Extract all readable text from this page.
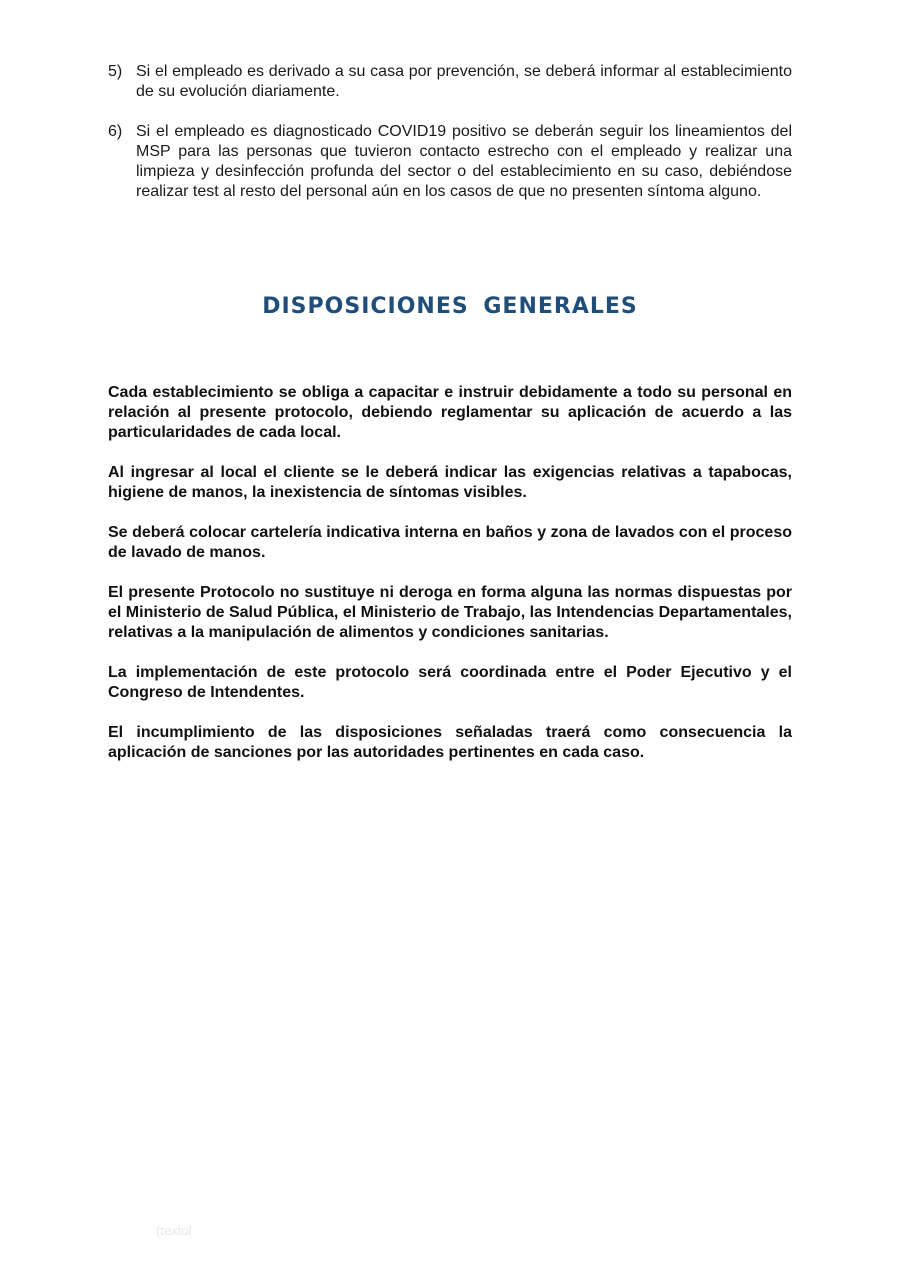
5) Si el empleado es derivado a su casa por prevención, se deberá informar al establecimiento de su evolución diariamente.
6) Si el empleado es diagnosticado COVID19 positivo se deberán seguir los lineamientos del MSP para las personas que tuvieron contacto estrecho con el empleado y realizar una limpieza y desinfección profunda del sector o del establecimiento en su caso, debiéndose realizar test al resto del personal aún en los casos de que no presenten síntoma alguno.
DISPOSICIONES GENERALES

Cada establecimiento se obliga a capacitar e instruir debidamente a todo su personal en relación al presente protocolo, debiendo reglamentar su aplicación de acuerdo a las particularidades de cada local.

Al ingresar al local el cliente se le deberá indicar las exigencias relativas a tapabocas, higiene de manos, la inexistencia de síntomas visibles.

Se deberá colocar cartelería indicativa interna en baños y zona de lavados con el proceso de lavado de manos.

El presente Protocolo no sustituye ni deroga en forma alguna las normas dispuestas por el Ministerio de Salud Pública, el Ministerio de Trabajo, las Intendencias Departamentales, relativas a la manipulación de alimentos y condiciones sanitarias.

La implementación de este protocolo será coordinada entre el Poder Ejecutivo y el Congreso de Intendentes.

El incumplimiento de las disposiciones señaladas traerá como consecuencia la aplicación de sanciones por las autoridades pertinentes en cada caso.

(textol
